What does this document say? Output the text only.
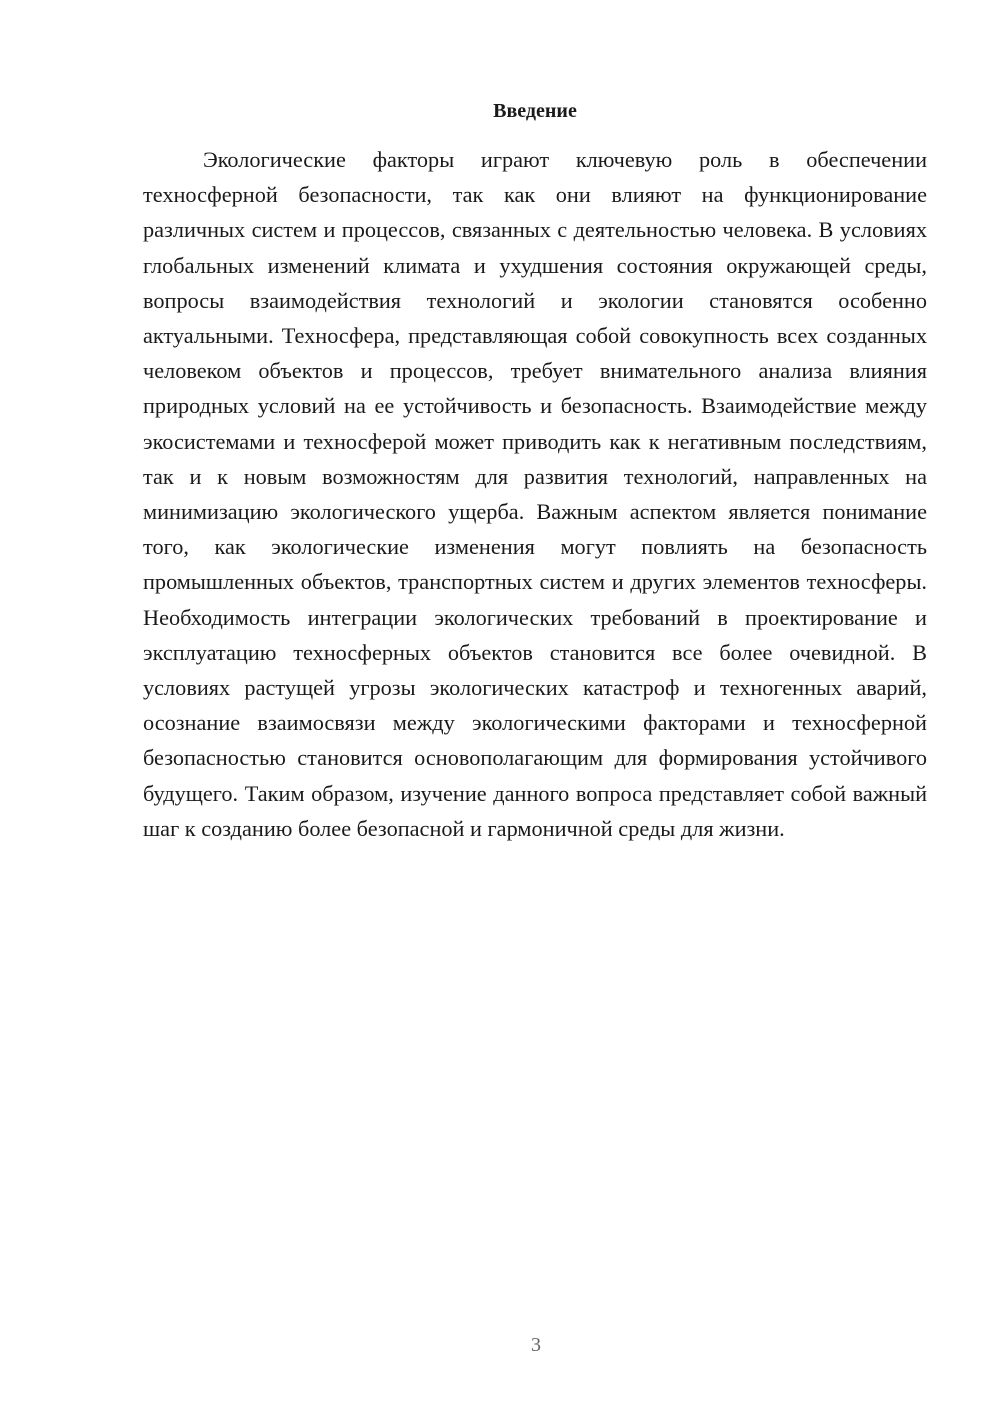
Введение

Экологические факторы играют ключевую роль в обеспечении техносферной безопасности, так как они влияют на функционирование различных систем и процессов, связанных с деятельностью человека. В условиях глобальных изменений климата и ухудшения состояния окружающей среды, вопросы взаимодействия технологий и экологии становятся особенно актуальными. Техносфера, представляющая собой совокупность всех созданных человеком объектов и процессов, требует внимательного анализа влияния природных условий на ее устойчивость и безопасность. Взаимодействие между экосистемами и техносферой может приводить как к негативным последствиям, так и к новым возможностям для развития технологий, направленных на минимизацию экологического ущерба. Важным аспектом является понимание того, как экологические изменения могут повлиять на безопасность промышленных объектов, транспортных систем и других элементов техносферы. Необходимость интеграции экологических требований в проектирование и эксплуатацию техносферных объектов становится все более очевидной. В условиях растущей угрозы экологических катастроф и техногенных аварий, осознание взаимосвязи между экологическими факторами и техносферной безопасностью становится основополагающим для формирования устойчивого будущего. Таким образом, изучение данного вопроса представляет собой важный шаг к созданию более безопасной и гармоничной среды для жизни.

3
